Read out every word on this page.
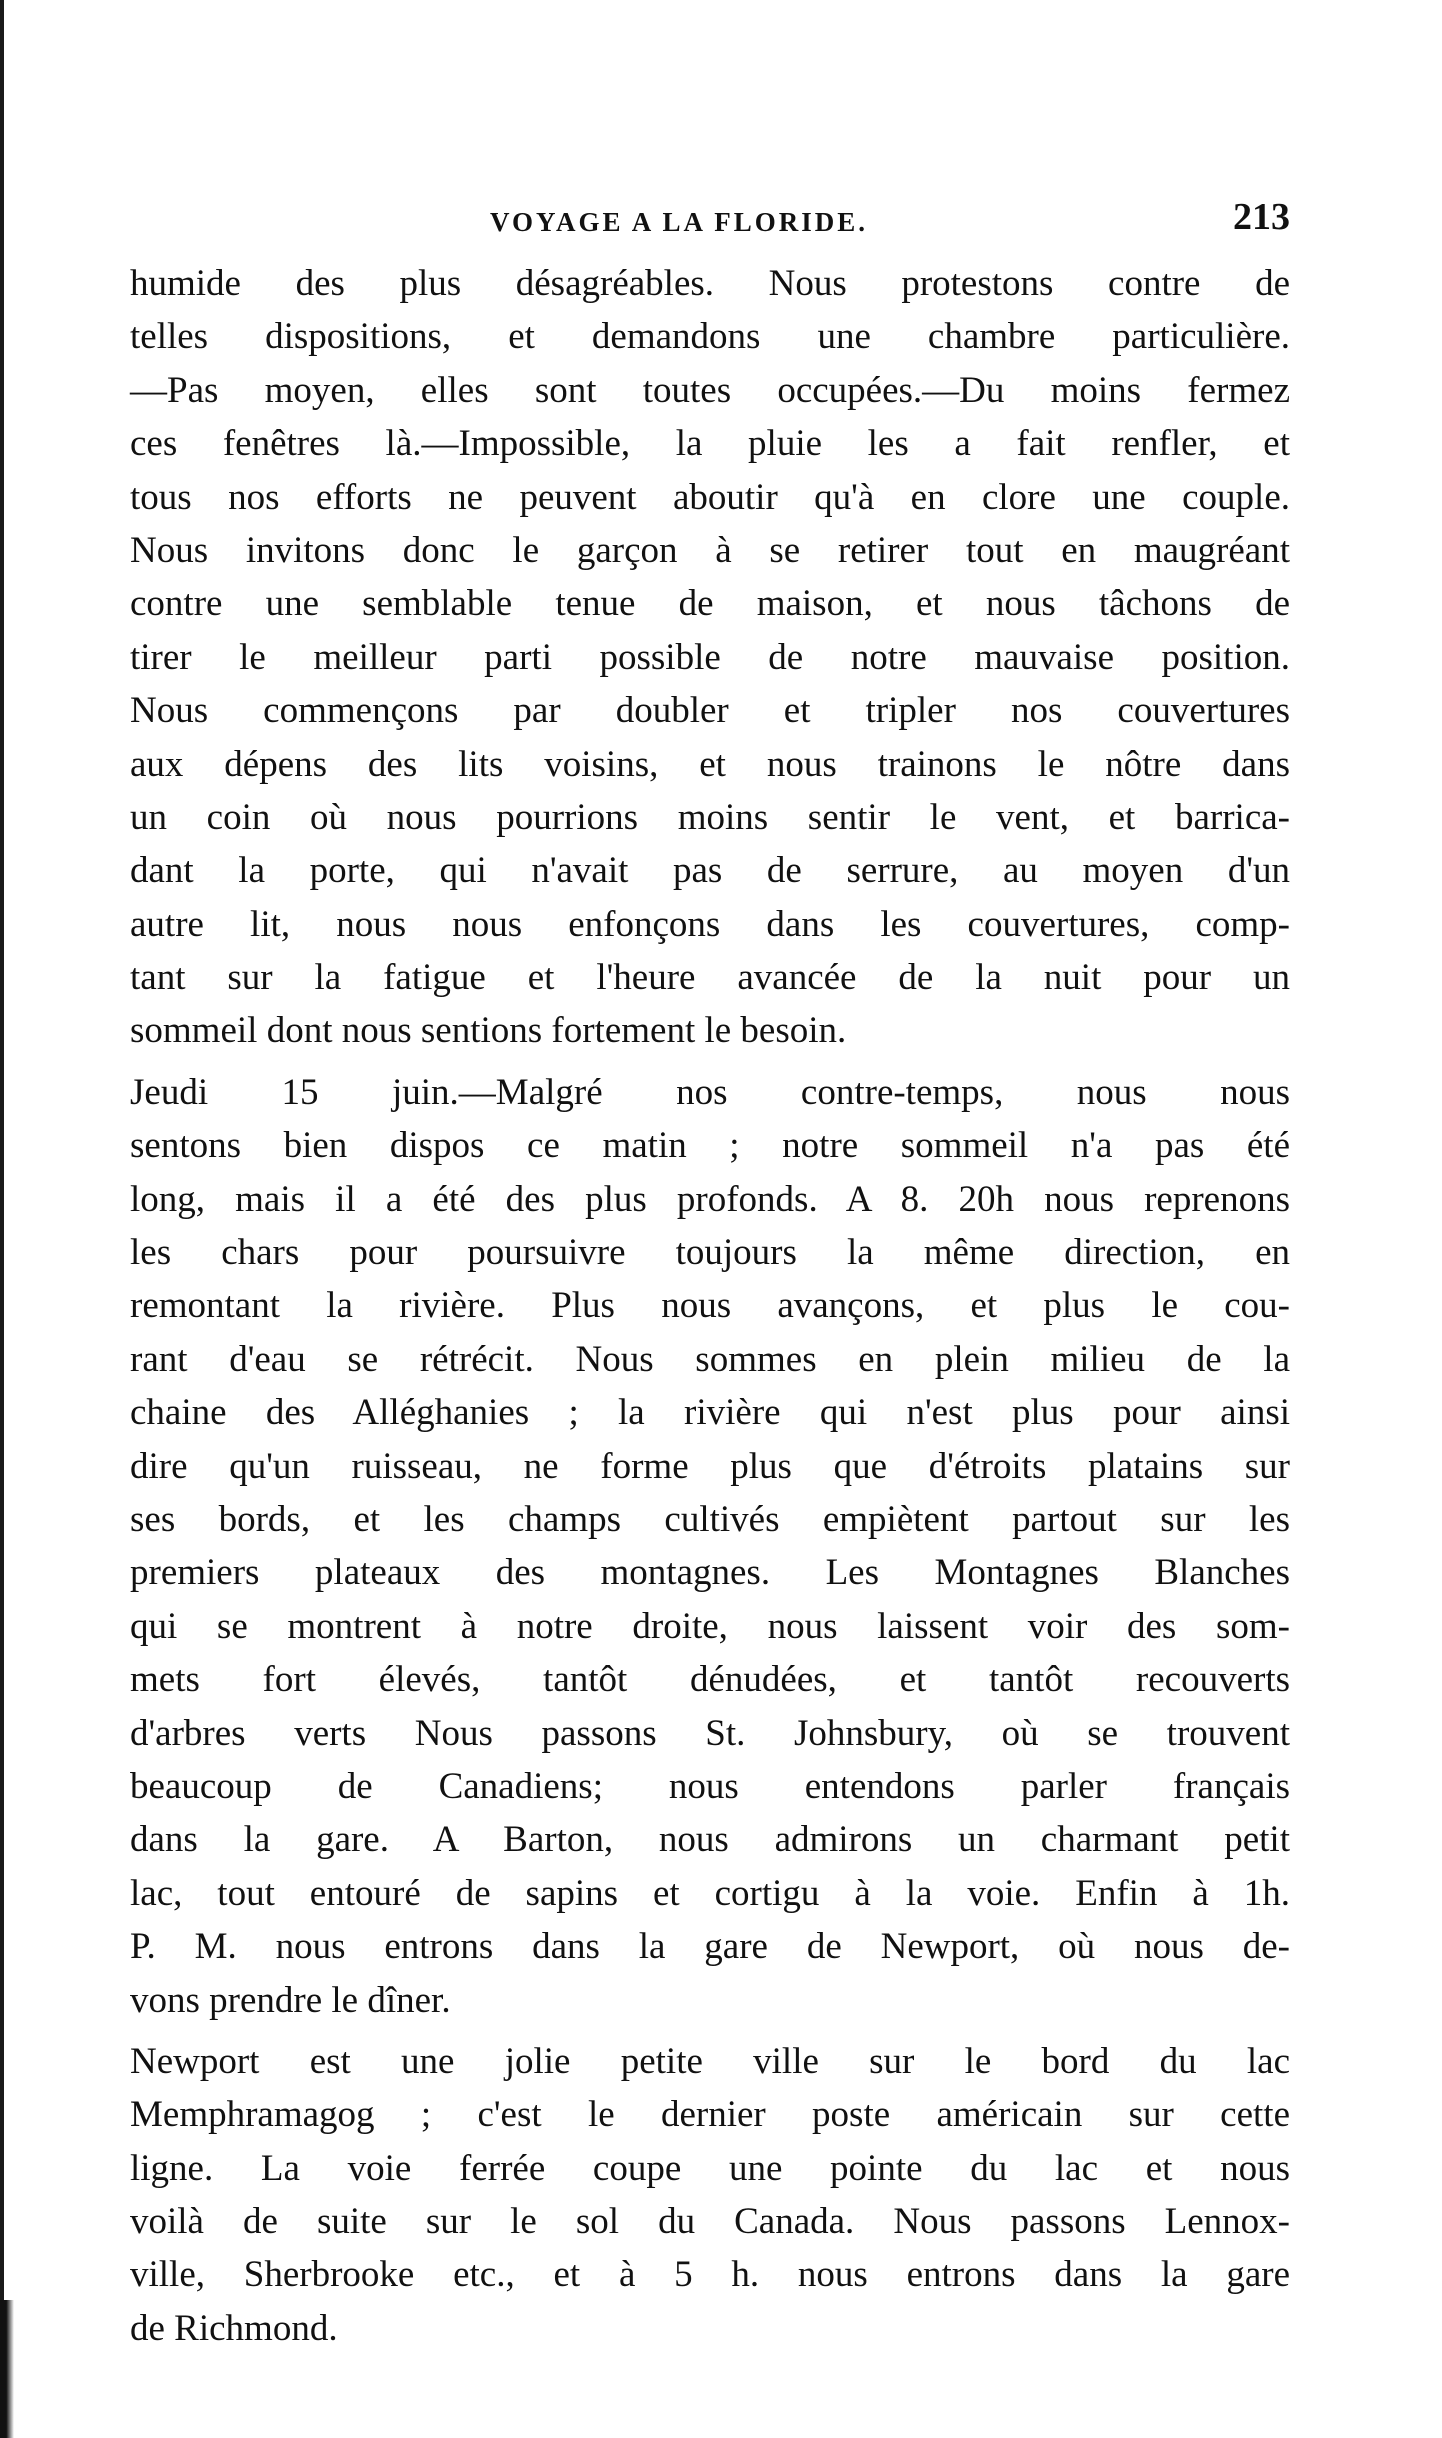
VOYAGE A LA FLORIDE.	213
humide des plus désagréables. Nous protestons contre de
telles dispositions, et demandons une chambre particulière.
—Pas moyen, elles sont toutes occupées.—Du moins fermez
ces fenêtres là.—Impossible, la pluie les a fait renfler, et
tous nos efforts ne peuvent aboutir qu'à en clore une couple.
Nous invitons donc le garçon à se retirer tout en maugréant
contre une semblable tenue de maison, et nous tâchons de
tirer le meilleur parti possible de notre mauvaise position.
Nous commençons par doubler et tripler nos couvertures
aux dépens des lits voisins, et nous trainons le nôtre dans
un coin où nous pourrions moins sentir le vent, et barrica-
dant la porte, qui n'avait pas de serrure, au moyen d'un
autre lit, nous nous enfonçons dans les couvertures, comp-
tant sur la fatigue et l'heure avancée de la nuit pour un
sommeil dont nous sentions fortement le besoin.
Jeudi 15 juin.—Malgré nos contre-temps, nous nous
sentons bien dispos ce matin ; notre sommeil n'a pas été
long, mais il a été des plus profonds. A 8. 20h nous reprenons
les chars pour poursuivre toujours la même direction, en
remontant la rivière. Plus nous avançons, et plus le cou-
rant d'eau se rétrécit. Nous sommes en plein milieu de la
chaine des Alléghanies ; la rivière qui n'est plus pour ainsi
dire qu'un ruisseau, ne forme plus que d'étroits platains sur
ses bords, et les champs cultivés empiètent partout sur les
premiers plateaux des montagnes. Les Montagnes Blanches
qui se montrent à notre droite, nous laissent voir des som-
mets fort élevés, tantôt dénudées, et tantôt recouverts
d'arbres verts Nous passons St. Johnsbury, où se trouvent
beaucoup de Canadiens; nous entendons parler français
dans la gare. A Barton, nous admirons un charmant petit
lac, tout entouré de sapins et cortigu à la voie. Enfin à 1h.
P. M. nous entrons dans la gare de Newport, où nous de-
vons prendre le dîner.
Newport est une jolie petite ville sur le bord du lac
Memphramagog ; c'est le dernier poste américain sur cette
ligne. La voie ferrée coupe une pointe du lac et nous
voilà de suite sur le sol du Canada. Nous passons Lennox-
ville, Sherbrooke etc., et à 5 h. nous entrons dans la gare
de Richmond.
